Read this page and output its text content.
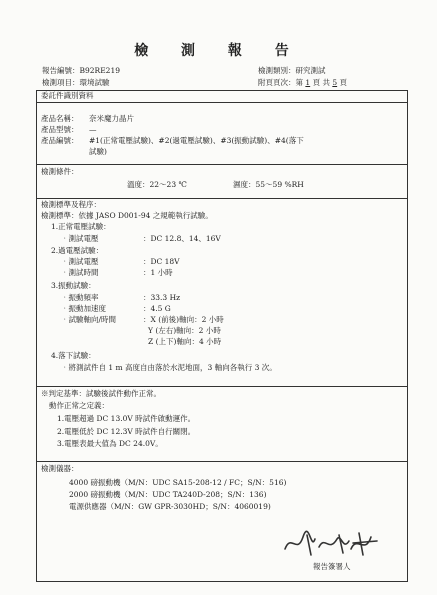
檢 測 報 告
報告編號：B92RE219
檢測項目：環境試驗
檢測類別：研究測試
附頁頁次：第 1 頁 共 5 頁
委託件識別資料
產品名稱： 奈米魔力晶片
產品型號： —
產品編號： #1(正常電壓試驗)、#2(過電壓試驗)、#3(振動試驗)、#4(落下
試驗)
檢測條件：
溫度：22～23 ℃	濕度：55～59 %RH
檢測標準及程序：
檢測標準：依據 JASO D001-94 之規範執行試驗。
1.正常電壓試驗：
‧測試電壓	：DC 12.8、14、16V
2.過電壓試驗：
‧測試電壓	：DC 18V
‧測試時間	：1 小時
3.振動試驗：
‧振動頻率	：33.3 Hz
‧振動加速度	：4.5 G
‧試驗軸向/時間	：X (前後)軸向：2 小時
Y (左右)軸向：2 小時
Z (上下)軸向：4 小時
4.落下試驗：
‧將測試件自 1 m 高度自由落於水泥地面，3 軸向各執行 3 次。
※判定基準：試驗後試件動作正常。
動作正常之定義：
1.電壓超過 DC 13.0V 時試件啟動運作。
2.電壓低於 DC 12.3V 時試件自行關閉。
3.電壓表最大值為 DC 24.0V。
檢測儀器：
4000 磅振動機（M/N：UDC SA15-208-12 / FC；S/N：516)
2000 磅振動機（M/N：UDC TA240D-208；S/N：136)
電源供應器（M/N：GW GPR-3030HD；S/N：4060019)
報告簽署人
